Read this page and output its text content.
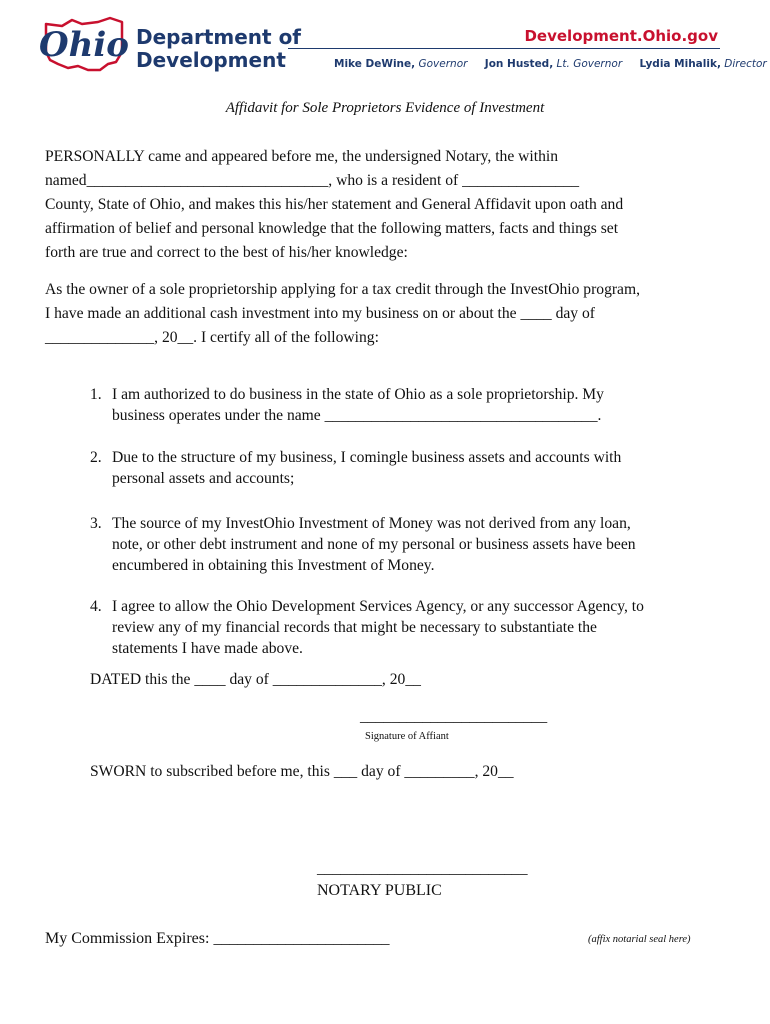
Ohio Department of
Development
Development.Ohio.gov
Mike DeWine, Governor Jon Husted, Lt. Governor Lydia Mihalik, Director
Affidavit for Sole Proprietors Evidence of Investment
PERSONALLY came and appeared before me, the undersigned Notary, the within
named_______________________________, who is a resident of _______________
County, State of Ohio, and makes this his/her statement and General Affidavit upon oath and
affirmation of belief and personal knowledge that the following matters, facts and things set
forth are true and correct to the best of his/her knowledge:
As the owner of a sole proprietorship applying for a tax credit through the InvestOhio program,
I have made an additional cash investment into my business on or about the ____ day of
______________, 20__. I certify all of the following:
1. I am authorized to do business in the state of Ohio as a sole proprietorship. My
business operates under the name ___________________________________.
2. Due to the structure of my business, I comingle business assets and accounts with
personal assets and accounts;
3. The source of my InvestOhio Investment of Money was not derived from any loan,
note, or other debt instrument and none of my personal or business assets have been
encumbered in obtaining this Investment of Money.
4. I agree to allow the Ohio Development Services Agency, or any successor Agency, to
review any of my financial records that might be necessary to substantiate the
statements I have made above.
DATED this the ____ day of ______________, 20__
________________________
Signature of Affiant
SWORN to subscribed before me, this ___ day of _________, 20__
___________________________
NOTARY PUBLIC
My Commission Expires: ______________________	(affix notarial seal here)
